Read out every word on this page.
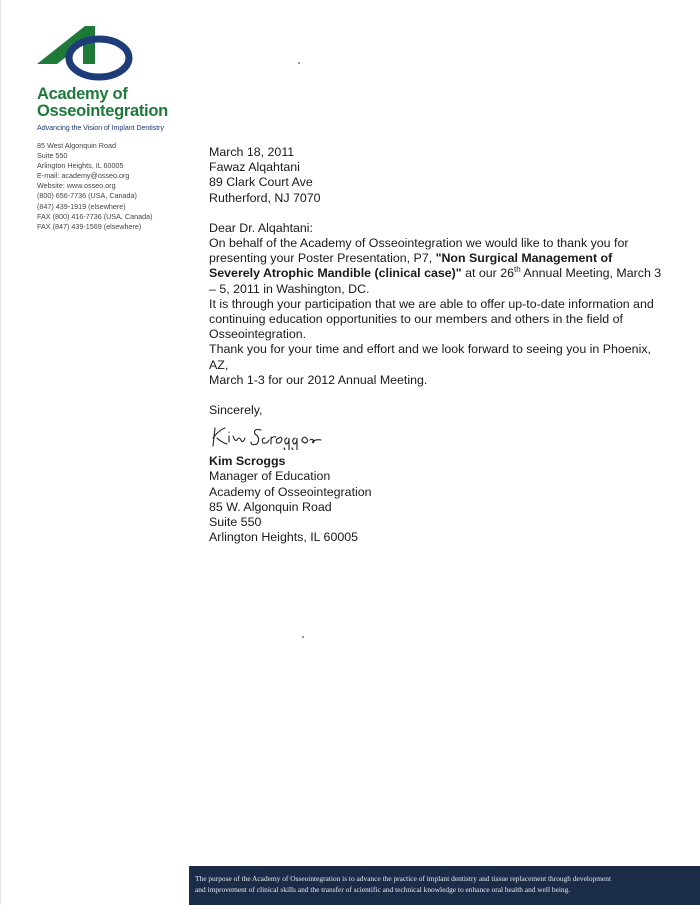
Academy of
Osseointegration
Advancing the Vision of Implant Dentistry
85 West Algonquin Road
Suite 550
Arlington Heights, IL 60005
E-mail: academy@osseo.org
Website: www.osseo.org
(800) 656-7736 (USA, Canada)
(847) 439-1919 (elsewhere)
FAX (800) 416-7736 (USA, Canada)
FAX (847) 439-1569 (elsewhere)

March 18, 2011

Fawaz Alqahtani

89 Clark Court Ave

Rutherford, NJ 7070

Dear Dr. Alqahtani:

On behalf of the Academy of Osseointegration we would like to thank you for presenting your Poster Presentation, P7, "Non Surgical Management of Severely Atrophic Mandible (clinical case)" at our 26th Annual Meeting, March 3 – 5, 2011 in Washington, DC.

It is through your participation that we are able to offer up-to-date information and continuing education opportunities to our members and others in the field of Osseointegration.

Thank you for your time and effort and we look forward to seeing you in Phoenix, AZ,

March 1-3 for our 2012 Annual Meeting.

Sincerely,

Kim Scroggs

Manager of Education

Academy of Osseointegration

85 W. Algonquin Road

Suite 550

Arlington Heights, IL 60005

The purpose of the Academy of Osseointegration is to advance the practice of implant dentistry and tissue replacement through development
and improvement of clinical skills and the transfer of scientific and technical knowledge to enhance oral health and well being.
